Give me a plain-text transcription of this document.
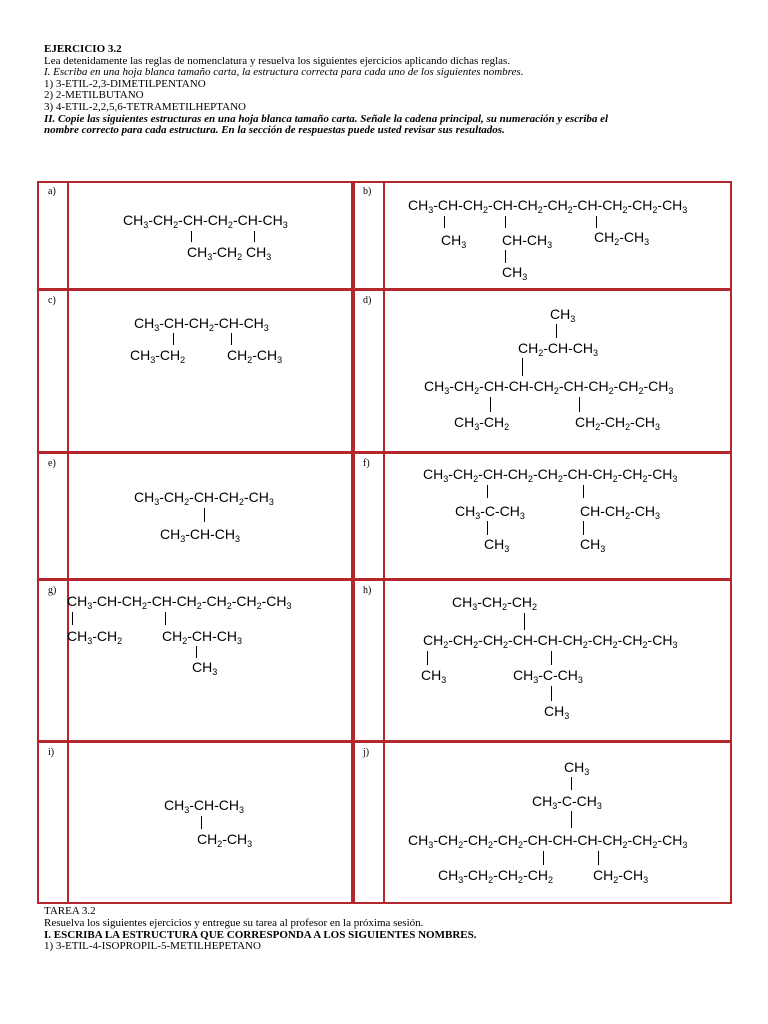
EJERCICIO 3.2
Lea detenidamente las reglas de nomenclatura y resuelva los siguientes ejercicios aplicando dichas reglas.
I. Escriba en una hoja blanca tamaño carta, la estructura correcta para cada uno de los siguientes nombres.
1) 3-ETIL-2,3-DIMETILPENTANO
2) 2-METILBUTANO
3) 4-ETIL-2,2,5,6-TETRAMETILHEPTANO
II. Copie las siguientes estructuras en una hoja blanca tamaño carta. Señale la cadena principal, su numeración y escriba el
nombre correcto para cada estructura. En la sección de respuestas puede usted revisar sus resultados.
a)	b)
c)	d)
e)	f)
g)	h)
i)	j)
$CH_3-CH_2-CH-CH_2-CH-CH_3$
$CH_3-CH_2$ $CH_3$
$CH_3-CH-CH_2-CH-CH_2-CH_2-CH-CH_2-CH_2-CH_3$
$CH_3$	$CH-CH_3$
$CH_3$
$CH_2-CH_3$
$CH_3-CH-CH_2-CH-CH_3$
$CH_3-CH_2$	$CH_2-CH_3$
$CH_3$
$CH_2-CH-CH_3$
$CH_3-CH_2-CH-CH-CH_2-CH-CH_2-CH_2-CH_3$
$CH_3-CH_2$	$CH_2-CH_2-CH_3$
$CH_3-CH_2-CH-CH_2-CH_3$
$CH_3-CH-CH_3$
$CH_3-CH_2-CH-CH_2-CH_2-CH-CH_2-CH_2-CH_3$
$CH_3-C-CH_3$
$CH_3$
$CH-CH_2-CH_3$
$CH_3$
$CH_3-CH-CH_2-CH-CH_2-CH_2-CH_2-CH_3$
$CH_3-CH_2$	$CH_2-CH-CH_3$
$CH_3$
$CH_3-CH_2-CH_2$
$CH_2-CH_2-CH_2-CH-CH-CH_2-CH_2-CH_2-CH_3$
$CH_3$	$CH_3-C-CH_3$
$CH_3$
$CH_3-CH-CH_3$
$CH_2-CH_3$
$CH_3$
$CH_3-C-CH_3$
$CH_3-CH_2-CH_2-CH_2-CH-CH-CH-CH_2-CH_2-CH_3$
$CH_3-CH_2-CH_2-CH_2$	$CH_2-CH_3$
TAREA 3.2
Resuelva los siguientes ejercicios y entregue su tarea al profesor en la próxima sesión.
I. ESCRIBA LA ESTRUCTURA QUE CORRESPONDA A LOS SIGUIENTES NOMBRES.
1) 3-ETIL-4-ISOPROPIL-5-METILHEPETANO
